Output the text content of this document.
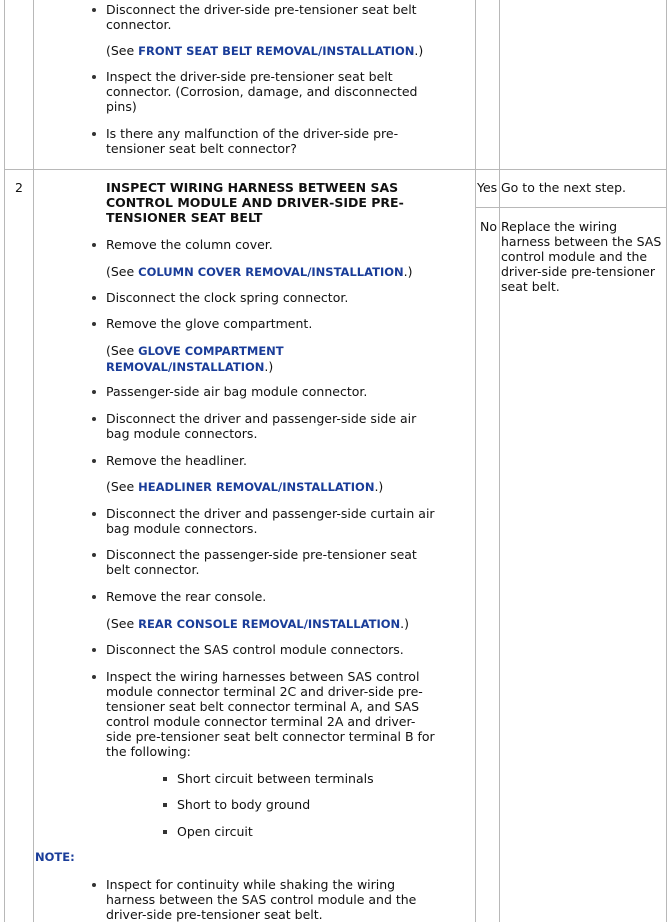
Disconnect the driver-side pre-tensioner seat belt
connector.
(See FRONT SEAT BELT REMOVAL/INSTALLATION.)
Inspect the driver-side pre-tensioner seat belt
connector. (Corrosion, damage, and disconnected
pins)
Is there any malfunction of the driver-side pre-
tensioner seat belt connector?
2	INSPECT WIRING HARNESS BETWEEN SAS
CONTROL MODULE AND DRIVER-SIDE PRE-
TENSIONER SEAT BELT
Remove the column cover.
(See COLUMN COVER REMOVAL/INSTALLATION.)
Disconnect the clock spring connector.
Remove the glove compartment.
(See GLOVE COMPARTMENT
REMOVAL/INSTALLATION.)
Passenger-side air bag module connector.
Disconnect the driver and passenger-side side air
bag module connectors.
Remove the headliner.
(See HEADLINER REMOVAL/INSTALLATION.)
Disconnect the driver and passenger-side curtain air
bag module connectors.
Disconnect the passenger-side pre-tensioner seat
belt connector.
Remove the rear console.
(See REAR CONSOLE REMOVAL/INSTALLATION.)
Disconnect the SAS control module connectors.
Inspect the wiring harnesses between SAS control
module connector terminal 2C and driver-side pre-
tensioner seat belt connector terminal A, and SAS
control module connector terminal 2A and driver-
side pre-tensioner seat belt connector terminal B for
the following:
Short circuit between terminals
Short to body ground
Open circuit
NOTE:
Inspect for continuity while shaking the wiring
harness between the SAS control module and the
driver-side pre-tensioner seat belt.
Yes Go to the next step.
No Replace the wiring
harness between the SAS
control module and the
driver-side pre-tensioner
seat belt.
